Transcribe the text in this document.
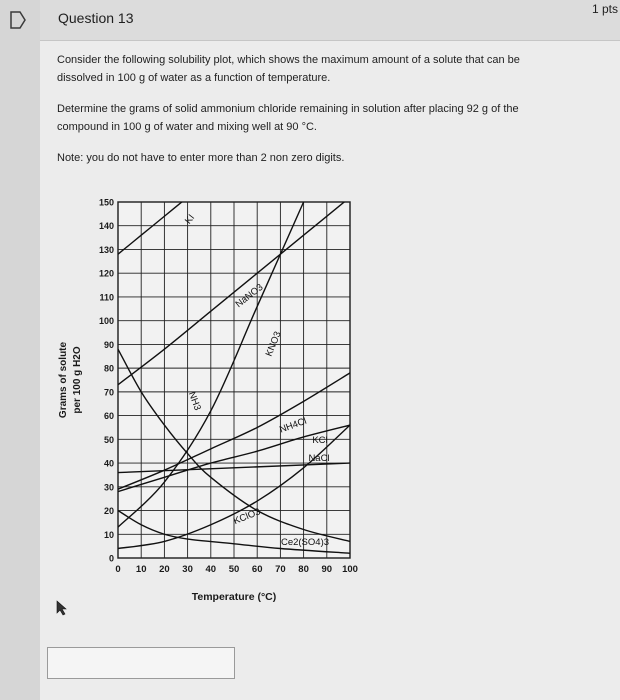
Question 13
1 pts
Consider the following solubility plot, which shows the maximum amount of a solute that can be
dissolved in 100 g of water as a function of temperature.
Determine the grams of solid ammonium chloride remaining in solution after placing 92 g of the
compound in 100 g of water and mixing well at 90 °C.
Note: you do not have to enter more than 2 non zero digits.
0 10 20 30 40 50 60 70 80 90 100
0
10
20
30
40
50
60
70
80
90
100
110
120
130
140
150
Temperature (°C)
Grams of solute per 100 g H2O
KI
NaNO3
KNO3
NH3
NH4Cl
KCl
NaCl
KClO3
Ce2(SO4)3
